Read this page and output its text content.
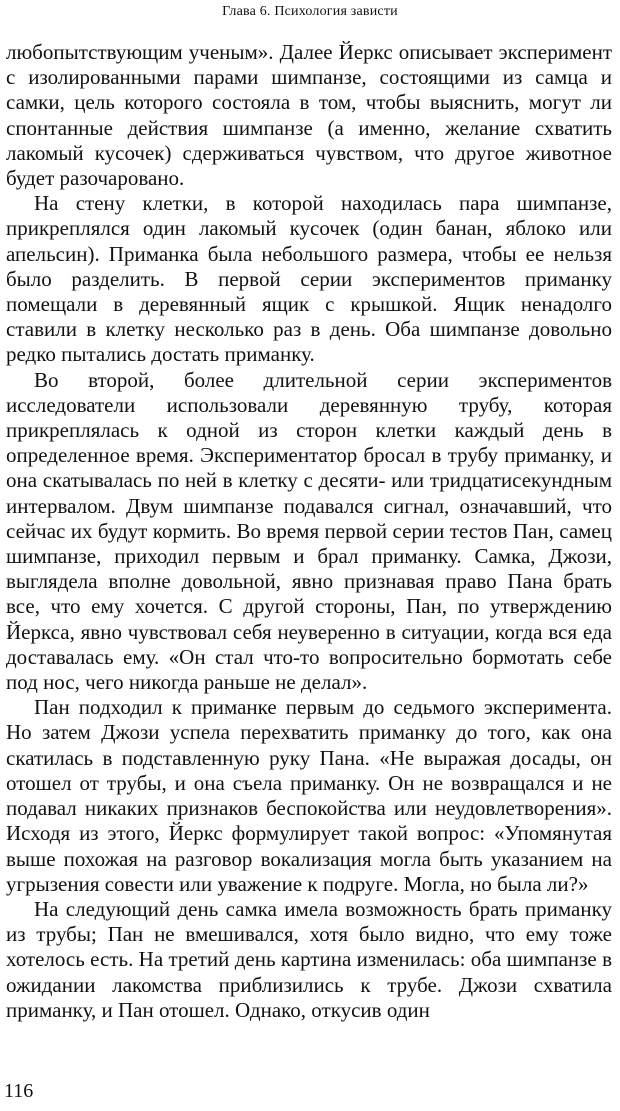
Глава 6. Психология зависти

любопытствующим ученым». Далее Йеркс описывает эксперимент с изолированными парами шимпанзе, состоящими из самца и самки, цель которого состояла в том, чтобы выяснить, могут ли спонтанные действия шимпанзе (а именно, желание схватить лакомый кусочек) сдерживаться чувством, что другое животное будет разочаровано.

На стену клетки, в которой находилась пара шимпанзе, прикреплялся один лакомый кусочек (один банан, яблоко или апельсин). Приманка была небольшого размера, чтобы ее нельзя было разделить. В первой серии экспериментов приманку помещали в деревянный ящик с крышкой. Ящик ненадолго ставили в клетку несколько раз в день. Оба шимпанзе довольно редко пытались достать приманку.

Во второй, более длительной серии экспериментов исследователи использовали деревянную трубу, которая прикреплялась к одной из сторон клетки каждый день в определенное время. Экспериментатор бросал в трубу приманку, и она скатывалась по ней в клетку с десяти- или тридцатисекундным интервалом. Двум шимпанзе подавался сигнал, означавший, что сейчас их будут кормить. Во время первой серии тестов Пан, самец шимпанзе, приходил первым и брал приманку. Самка, Джози, выглядела вполне довольной, явно признавая право Пана брать все, что ему хочется. С другой стороны, Пан, по утверждению Йеркса, явно чувствовал себя неуверенно в ситуации, когда вся еда доставалась ему. «Он стал что-то вопросительно бормотать себе под нос, чего никогда раньше не делал».

Пан подходил к приманке первым до седьмого эксперимента. Но затем Джози успела перехватить приманку до того, как она скатилась в подставленную руку Пана. «Не выражая досады, он отошел от трубы, и она съела приманку. Он не возвращался и не подавал никаких признаков беспокойства или неудовлетворения». Исходя из этого, Йеркс формулирует такой вопрос: «Упомянутая выше похожая на разговор вокализация могла быть указанием на угрызения совести или уважение к подруге. Могла, но была ли?»

На следующий день самка имела возможность брать приманку из трубы; Пан не вмешивался, хотя было видно, что ему тоже хотелось есть. На третий день картина изменилась: оба шимпанзе в ожидании лакомства приблизились к трубе. Джози схватила приманку, и Пан отошел. Однако, откусив один

116
